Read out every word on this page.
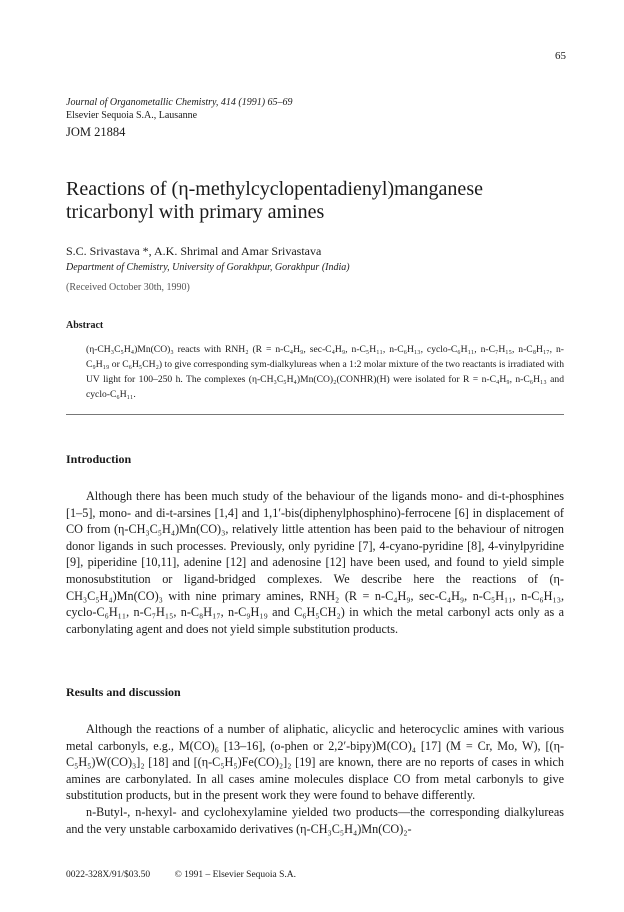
65
Journal of Organometallic Chemistry, 414 (1991) 65–69
Elsevier Sequoia S.A., Lausanne
JOM 21884
Reactions of (η-methylcyclopentadienyl)manganese tricarbonyl with primary amines
S.C. Srivastava *, A.K. Shrimal and Amar Srivastava
Department of Chemistry, University of Gorakhpur, Gorakhpur (India)
(Received October 30th, 1990)
Abstract

(η-CH₃C₅H₄)Mn(CO)₃ reacts with RNH₂ (R = n-C₄H₉, sec-C₄H₉, n-C₅H₁₁, n-C₆H₁₃, cyclo-C₆H₁₁, n-C₇H₁₅, n-C₈H₁₇, n-C₉H₁₉ or C₆H₅CH₂) to give corresponding sym-dialkylureas when a 1:2 molar mixture of the two reactants is irradiated with UV light for 100–250 h. The complexes (η-CH₃C₅H₄)Mn(CO)₂(CONHR)(H) were isolated for R = n-C₄H₉, n-C₆H₁₃ and cyclo-C₆H₁₁.

Introduction

Although there has been much study of the behaviour of the ligands mono- and di-t-phosphines [1–5], mono- and di-t-arsines [1,4] and 1,1′-bis(diphenylphosphino)-ferrocene [6] in displacement of CO from (η-CH₃C₅H₄)Mn(CO)₃, relatively little attention has been paid to the behaviour of nitrogen donor ligands in such processes. Previously, only pyridine [7], 4-cyano-pyridine [8], 4-vinylpyridine [9], piperidine [10,11], adenine [12] and adenosine [12] have been used, and found to yield simple monosubstitution or ligand-bridged complexes. We describe here the reactions of (η-CH₃C₅H₄)Mn(CO)₃ with nine primary amines, RNH₂ (R = n-C₄H₉, sec-C₄H₉, n-C₅H₁₁, n-C₆H₁₃, cyclo-C₆H₁₁, n-C₇H₁₅, n-C₈H₁₇, n-C₉H₁₉ and C₆H₅CH₂) in which the metal carbonyl acts only as a carbonylating agent and does not yield simple substitution products.

Results and discussion

Although the reactions of a number of aliphatic, alicyclic and heterocyclic amines with various metal carbonyls, e.g., M(CO)₆ [13–16], (o-phen or 2,2′-bipy)M(CO)₄ [17] (M = Cr, Mo, W), [(η-C₅H₅)W(CO)₃]₂ [18] and [(η-C₅H₅)Fe(CO)₂]₂ [19] are known, there are no reports of cases in which amines are carbonylated. In all cases amine molecules displace CO from metal carbonyls to give substitution products, but in the present work they were found to behave differently.

n-Butyl-, n-hexyl- and cyclohexylamine yielded two products—the corresponding dialkylureas and the very unstable carboxamido derivatives (η-CH₃C₅H₄)Mn(CO)₂-

0022-328X/91/$03.50	© 1991 – Elsevier Sequoia S.A.
